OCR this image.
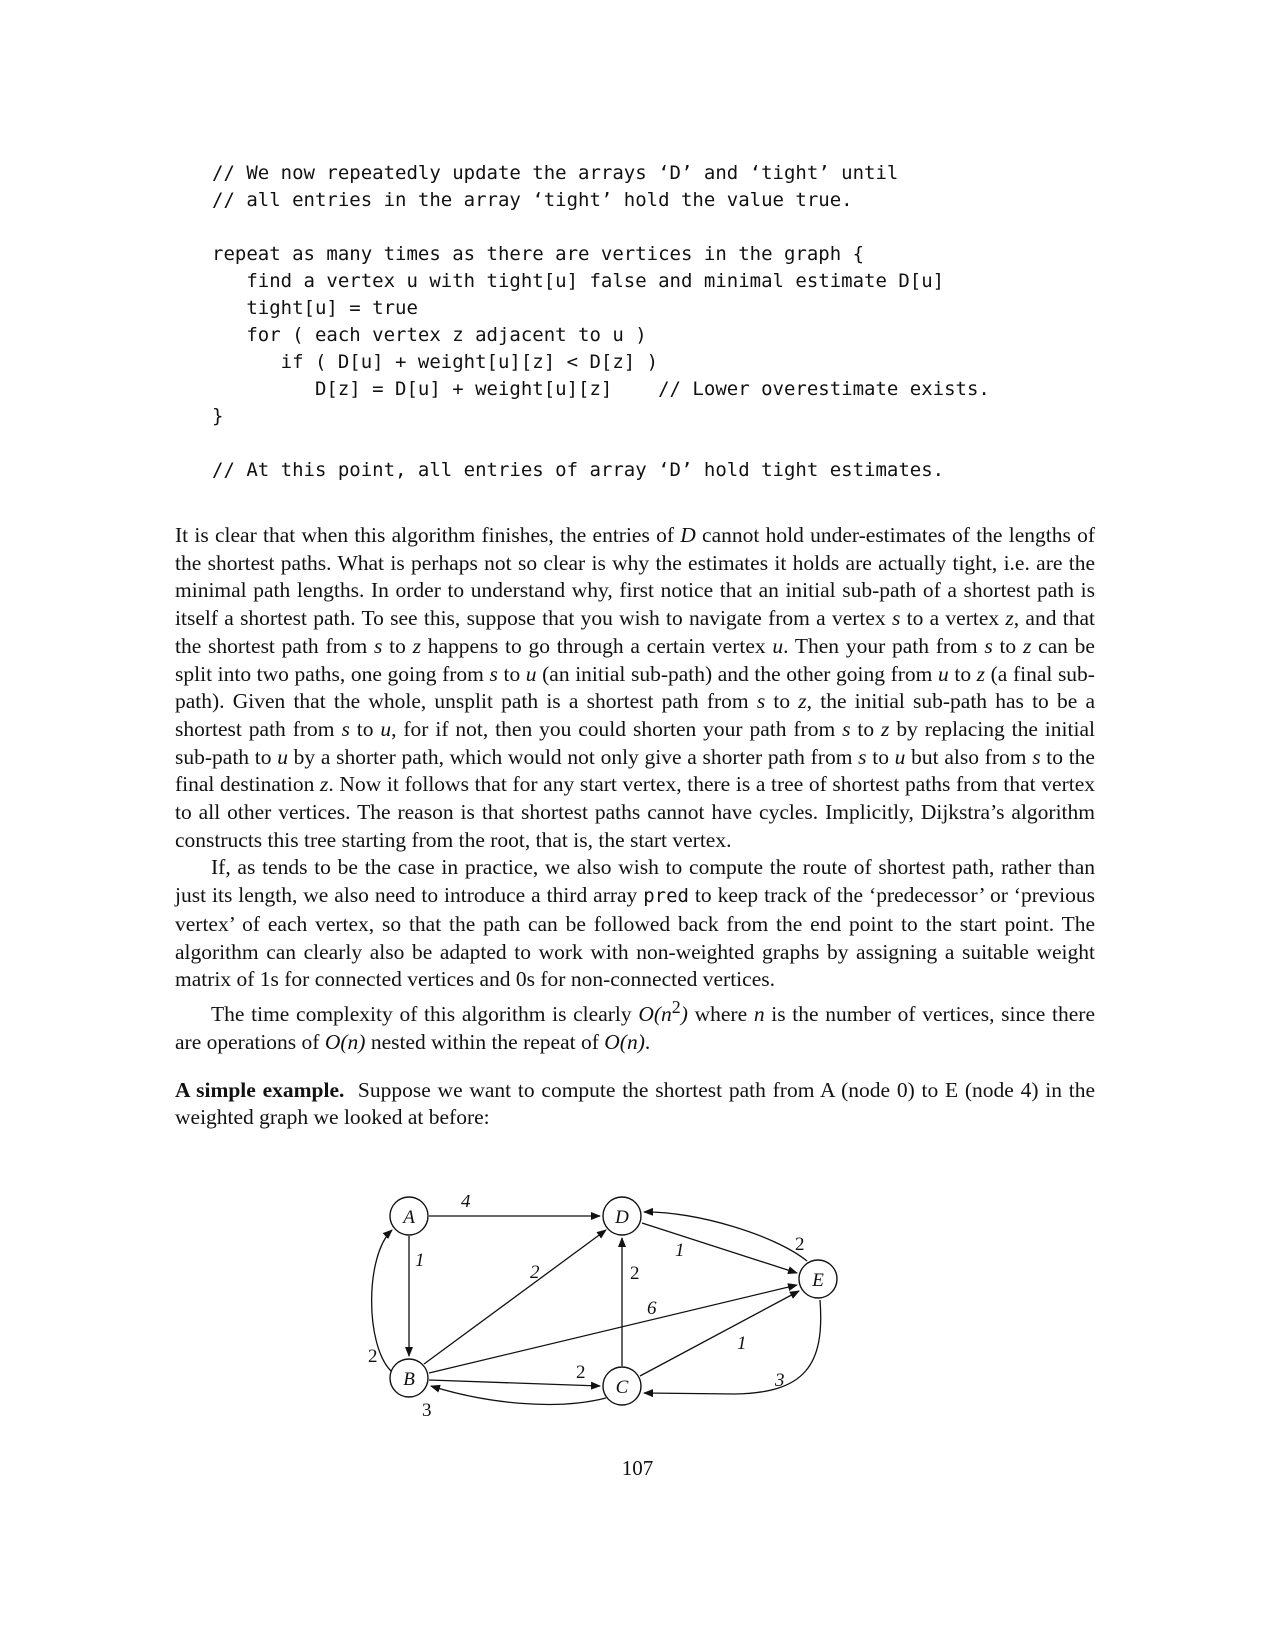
// We now repeatedly update the arrays ‘D’ and ‘tight’ until
// all entries in the array ‘tight’ hold the value true.
repeat as many times as there are vertices in the graph {
find a vertex u with tight[u] false and minimal estimate D[u]
tight[u] = true
for ( each vertex z adjacent to u )
if ( D[u] + weight[u][z] < D[z] )
D[z] = D[u] + weight[u][z]    // Lower overestimate exists.
}
// At this point, all entries of array ‘D’ hold tight estimates.

It is clear that when this algorithm finishes, the entries of D cannot hold under-estimates of the lengths of the shortest paths. What is perhaps not so clear is why the estimates it holds are actually tight, i.e. are the minimal path lengths. In order to understand why, first notice that an initial sub-path of a shortest path is itself a shortest path. To see this, suppose that you wish to navigate from a vertex s to a vertex z, and that the shortest path from s to z happens to go through a certain vertex u. Then your path from s to z can be split into two paths, one going from s to u (an initial sub-path) and the other going from u to z (a final sub-path). Given that the whole, unsplit path is a shortest path from s to z, the initial sub-path has to be a shortest path from s to u, for if not, then you could shorten your path from s to z by replacing the initial sub-path to u by a shorter path, which would not only give a shorter path from s to u but also from s to the final destination z. Now it follows that for any start vertex, there is a tree of shortest paths from that vertex to all other vertices. The reason is that shortest paths cannot have cycles. Implicitly, Dijkstra’s algorithm constructs this tree starting from the root, that is, the start vertex.

If, as tends to be the case in practice, we also wish to compute the route of shortest path, rather than just its length, we also need to introduce a third array pred to keep track of the ‘predecessor’ or ‘previous vertex’ of each vertex, so that the path can be followed back from the end point to the start point. The algorithm can clearly also be adapted to work with non-weighted graphs by assigning a suitable weight matrix of 1s for connected vertices and 0s for non-connected vertices.

The time complexity of this algorithm is clearly $O(n^2)$ where n is the number of vertices, since there are operations of O(n) nested within the repeat of O(n).

A simple example.  Suppose we want to compute the shortest path from A (node 0) to E (node 4) in the weighted graph we looked at before:

4
1
2
2	2
1	2
6
1
2
3
3
A
B	C
D
E
107
